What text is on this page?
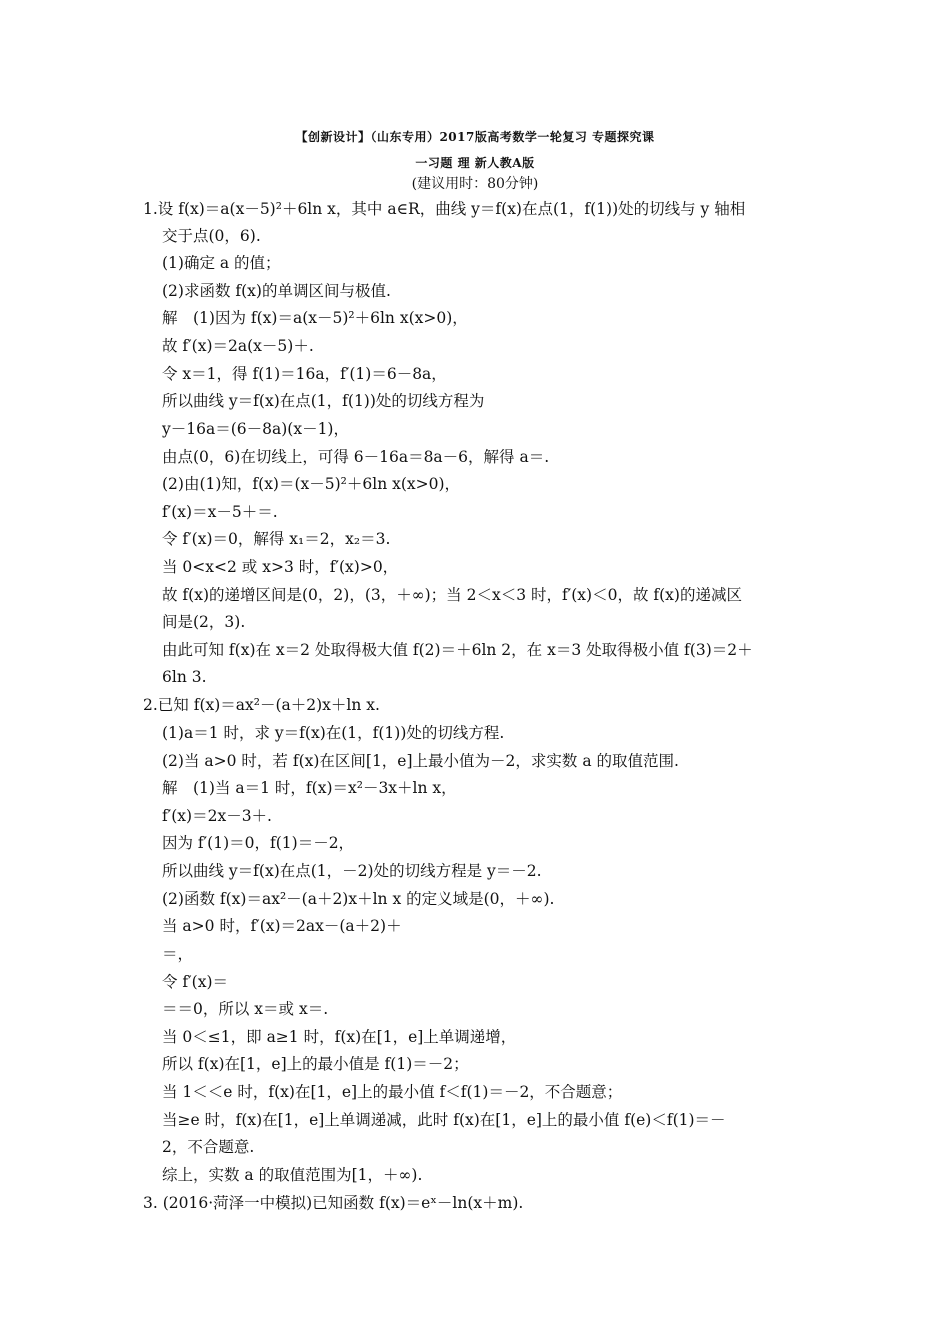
【创新设计】（山东专用）2017版高考数学一轮复习 专题探究课
一习题 理 新人教A版
(建议用时：80分钟)
1.设 f(x)＝a(x－5)²＋6ln x，其中 a∈R，曲线 y＝f(x)在点(1，f(1))处的切线与 y 轴相
交于点(0，6).
(1)确定 a 的值；
(2)求函数 f(x)的单调区间与极值.
解　(1)因为 f(x)＝a(x－5)²＋6ln x(x>0)，
故 f′(x)＝2a(x－5)＋.
令 x＝1，得 f(1)＝16a，f′(1)＝6－8a，
所以曲线 y＝f(x)在点(1，f(1))处的切线方程为
y－16a＝(6－8a)(x－1)，
由点(0，6)在切线上，可得 6－16a＝8a－6，解得 a＝.
(2)由(1)知，f(x)＝(x－5)²＋6ln x(x>0)，
f′(x)＝x－5＋＝.
令 f′(x)＝0，解得 x₁＝2，x₂＝3.
当 0<x<2 或 x>3 时，f′(x)>0，
故 f(x)的递增区间是(0，2)，(3，＋∞)；当 2＜x＜3 时，f′(x)＜0，故 f(x)的递减区
间是(2，3).
由此可知 f(x)在 x＝2 处取得极大值 f(2)＝＋6ln 2，在 x＝3 处取得极小值 f(3)＝2＋
6ln 3.
2.已知 f(x)＝ax²－(a＋2)x＋ln x.
(1)a＝1 时，求 y＝f(x)在(1，f(1))处的切线方程.
(2)当 a>0 时，若 f(x)在区间[1，e]上最小值为－2，求实数 a 的取值范围.
解　(1)当 a＝1 时，f(x)＝x²－3x＋ln x，
f′(x)＝2x－3＋.
因为 f′(1)＝0，f(1)＝－2，
所以曲线 y＝f(x)在点(1，－2)处的切线方程是 y＝－2.
(2)函数 f(x)＝ax²－(a＋2)x＋ln x 的定义域是(0，＋∞).
当 a>0 时，f′(x)＝2ax－(a＋2)＋
＝，
令 f′(x)＝
＝＝0，所以 x＝或 x＝.
当 0＜≤1，即 a≥1 时，f(x)在[1，e]上单调递增，
所以 f(x)在[1，e]上的最小值是 f(1)＝－2；
当 1＜＜e 时，f(x)在[1，e]上的最小值 f＜f(1)＝－2，不合题意；
当≥e 时，f(x)在[1，e]上单调递减，此时 f(x)在[1，e]上的最小值 f(e)＜f(1)＝－
2，不合题意.
综上，实数 a 的取值范围为[1，＋∞).
3. (2016·菏泽一中模拟)已知函数 f(x)＝eˣ－ln(x＋m).
